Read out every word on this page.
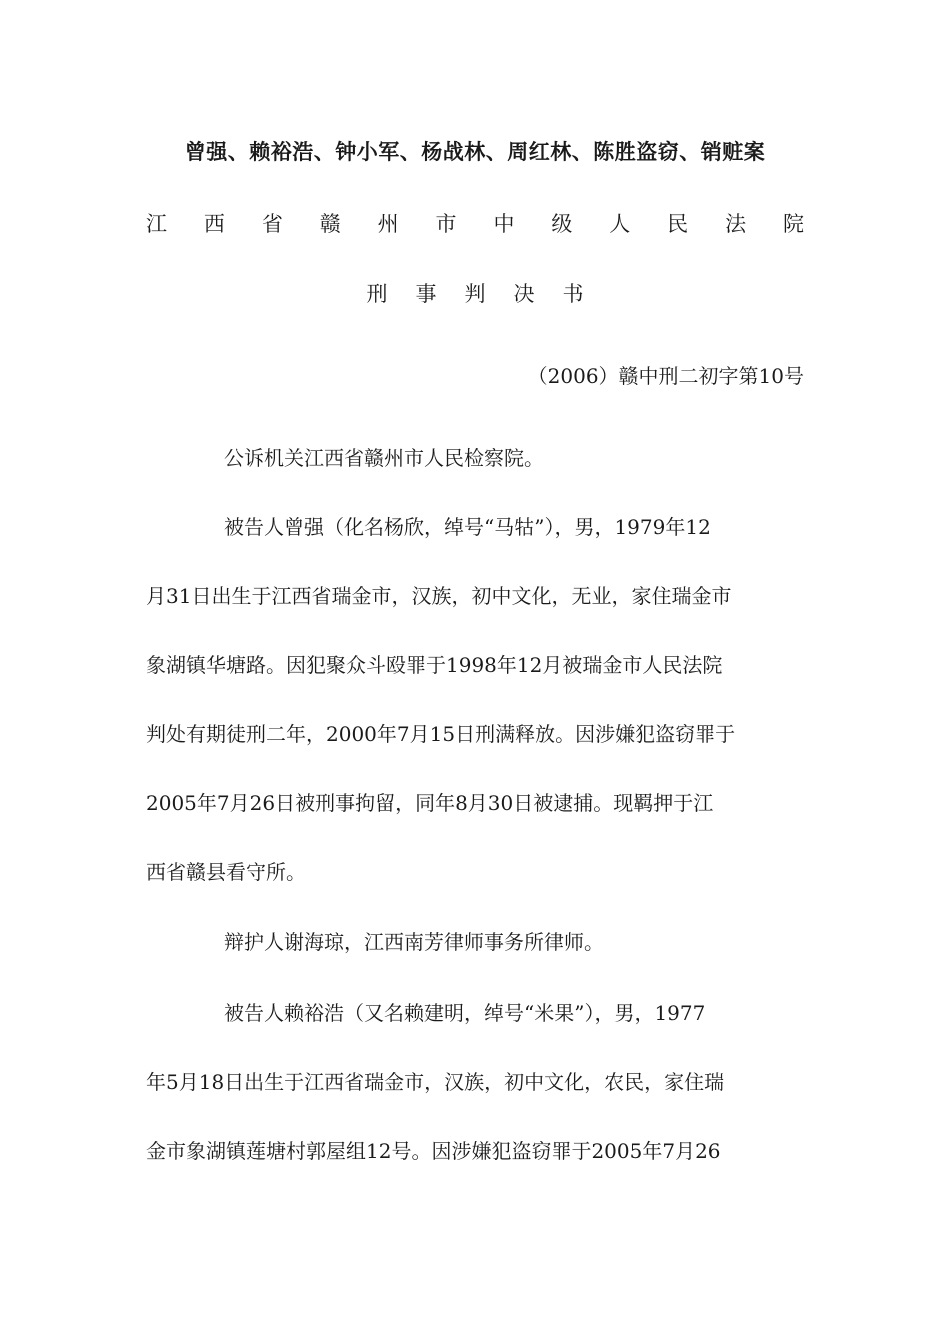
曾强、赖裕浩、钟小军、杨战林、周红林、陈胜盗窃、销赃案
江 西 省 赣 州 市 中 级 人 民 法 院
刑 事 判 决 书
（2006）赣中刑二初字第10号
公诉机关江西省赣州市人民检察院。
被告人曾强（化名杨欣，绰号“马牯”），男，1979年12
月31日出生于江西省瑞金市，汉族，初中文化，无业，家住瑞金市
象湖镇华塘路。因犯聚众斗殴罪于1998年12月被瑞金市人民法院
判处有期徒刑二年，2000年7月15日刑满释放。因涉嫌犯盗窃罪于
2005年7月26日被刑事拘留，同年8月30日被逮捕。现羁押于江
西省赣县看守所。
辩护人谢海琼，江西南芳律师事务所律师。
被告人赖裕浩（又名赖建明，绰号“米果”），男，1977
年5月18日出生于江西省瑞金市，汉族，初中文化，农民，家住瑞
金市象湖镇莲塘村郭屋组12号。因涉嫌犯盗窃罪于2005年7月26
